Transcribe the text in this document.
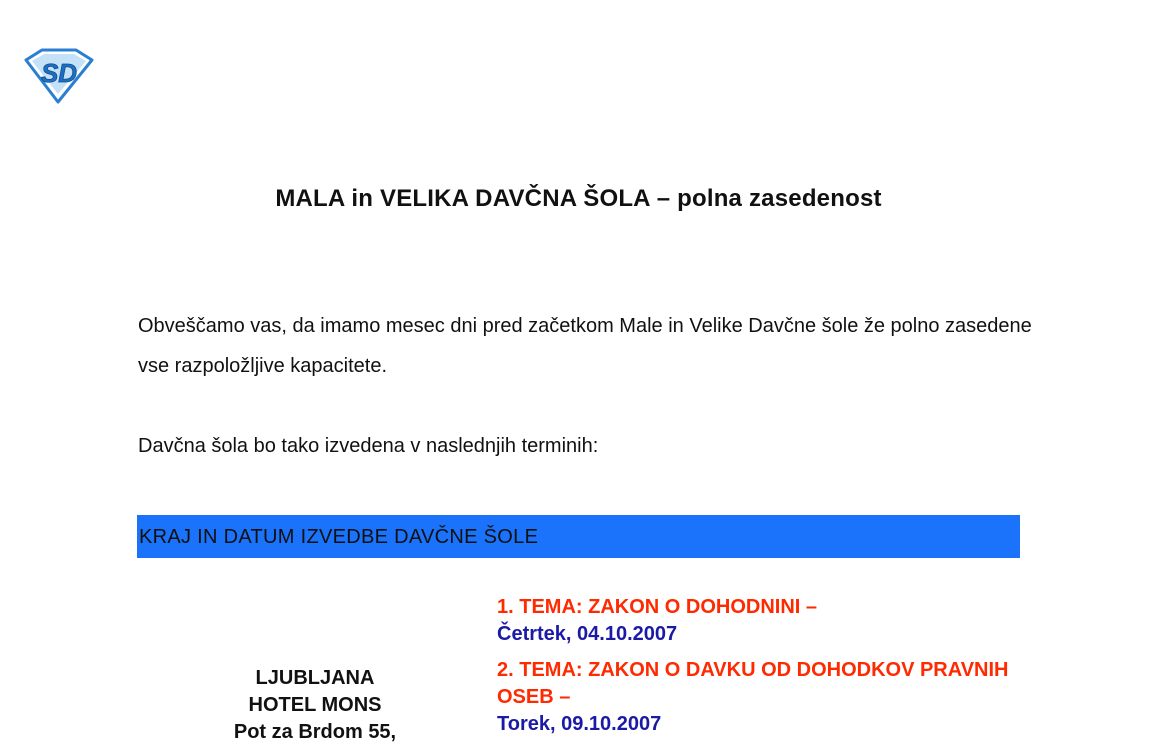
SD
MALA in VELIKA DAVČNA ŠOLA – polna zasedenost
Obveščamo vas, da imamo mesec dni pred začetkom Male in Velike Davčne šole že polno zasedene vse razpoložljive kapacitete.
Davčna šola bo tako izvedena v naslednjih terminih:
KRAJ IN DATUM IZVEDBE DAVČNE ŠOLE
LJUBLJANA
HOTEL MONS
Pot za Brdom 55,
1. TEMA: ZAKON O DOHODNINI –
Četrtek, 04.10.2007
2. TEMA: ZAKON O DAVKU OD DOHODKOV PRAVNIH OSEB –
Torek, 09.10.2007
